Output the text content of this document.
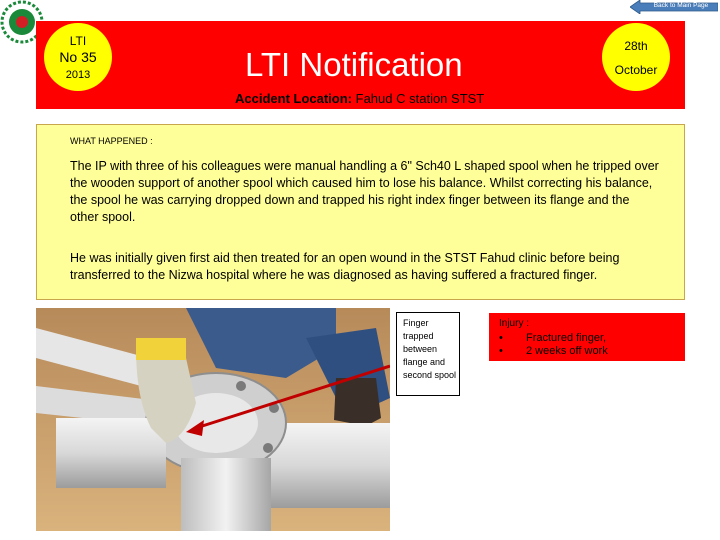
Back to Main Page
LTI
No 35
2013	LTI Notification	28th
October
Accident Location: Fahud C station STST
WHAT HAPPENED :
The IP with three of his colleagues were manual handling a 6" Sch40 L shaped spool when he tripped over
the wooden support of another spool which caused him to lose his balance. Whilst correcting his balance,
the spool he was carrying dropped down and trapped his right index finger between its flange and the
other spool.
He was initially given first aid then treated for an open wound in the STST Fahud clinic before being
transferred to the Nizwa hospital where he was diagnosed as having suffered a fractured finger.
Finger
trapped
between
flange and
second spool
Injury :
• Fractured finger,
• 2 weeks off work
